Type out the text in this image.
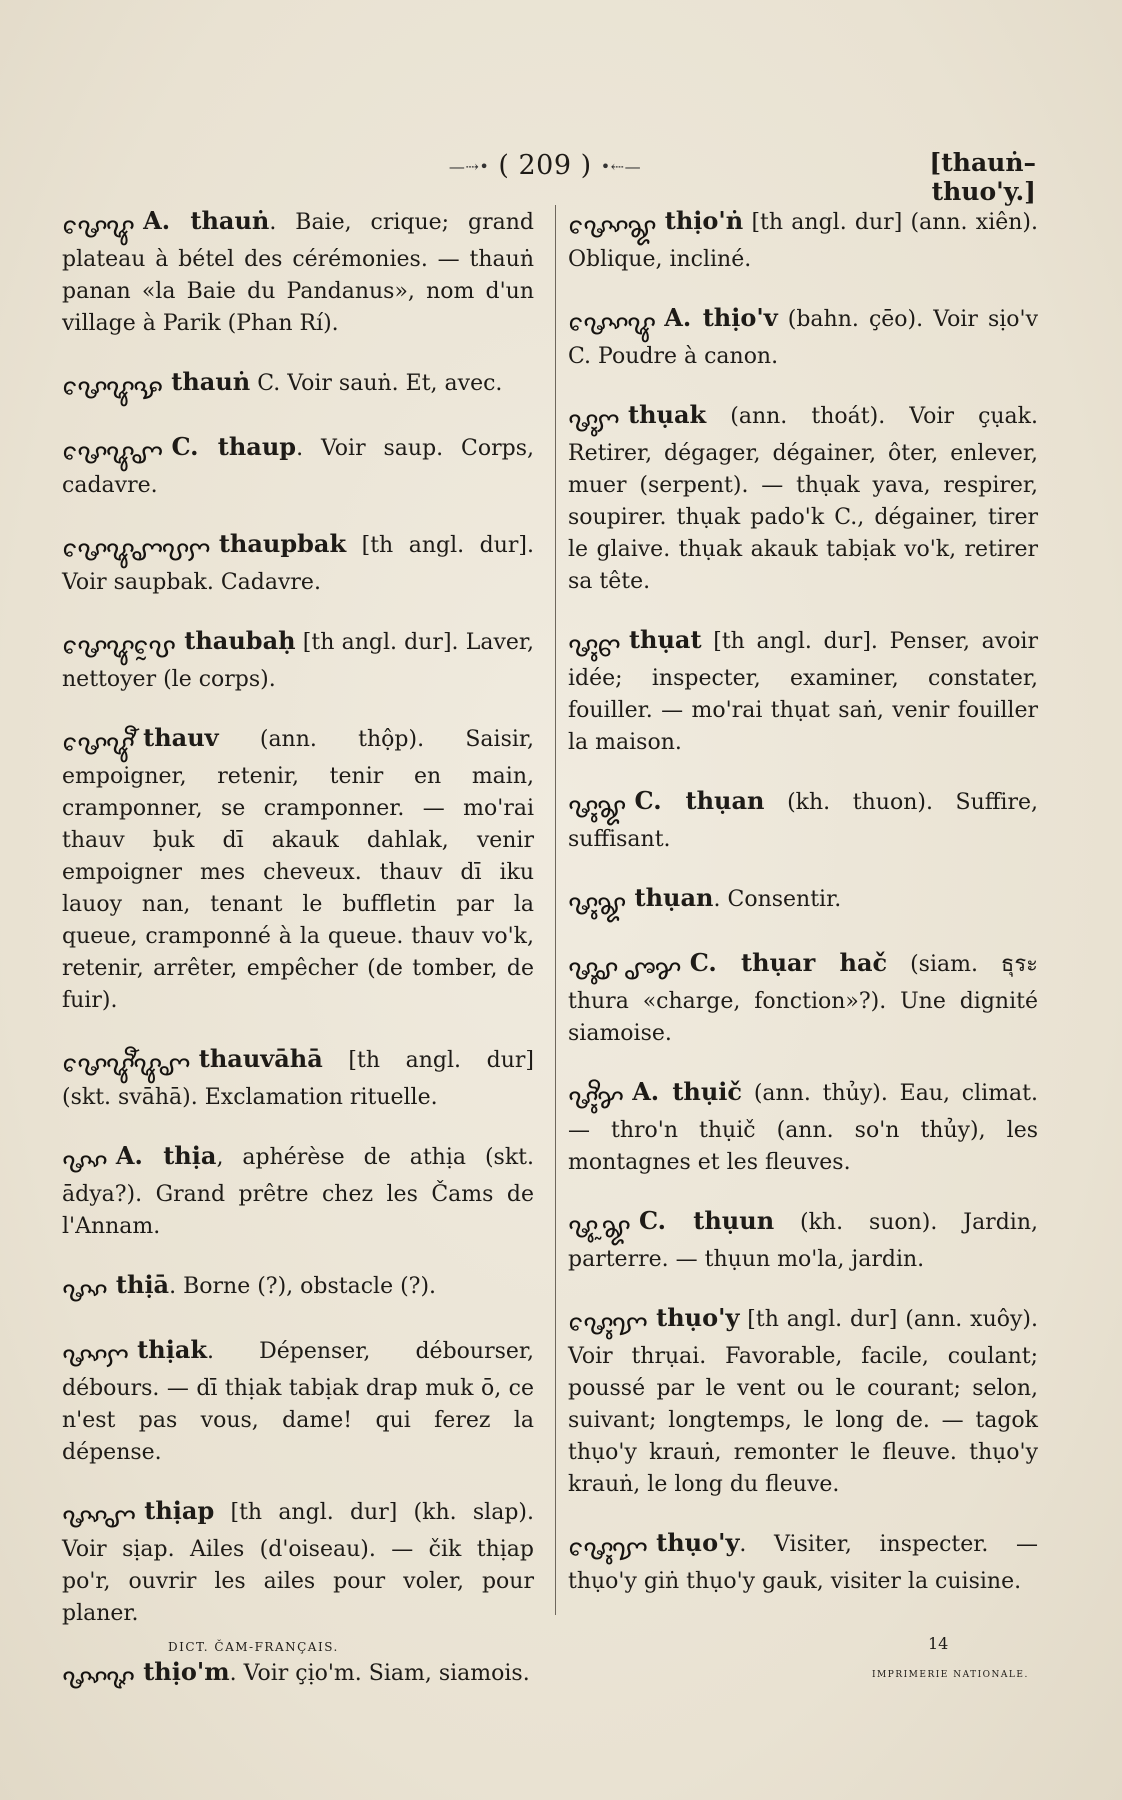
—⇢• ( 209 ) •⇠—	[thauṅ–thuo'y.]

ꨔꨯꨥ A. thauṅ. Baie, crique; grand plateau à bétel des cérémonies. — thauṅ panan «la Baie du Pandanus», nom d'un village à Parik (Phan Rí).

ꨔꨯꨥꨊ thauṅ C. Voir sauṅ. Et, avec.

ꨔꨯꨥꨚ C. thaup. Voir saup. Corps, cadavre.

ꨔꨯꨥꨚꨝꨆ thaupbak [th angl. dur]. Voir saupbak. Cadavre.

ꨔꨯꨥꨝꨰ thaubaḥ [th angl. dur]. Laver, nettoyer (le corps).

ꨔꨯꨥꨬ thauv (ann. thộp). Saisir, empoigner, retenir, tenir en main, cramponner, se cramponner. — mo'rai thauv ḅuk dī akauk dahlak, venir empoigner mes cheveux. thauv dī iku lauoy nan, tenant le buffletin par la queue, cramponné à la queue. thauv vo'k, retenir, arrêter, empêcher (de tomber, de fuir).

ꨔꨯꨥꨬꨥꨚ thauvāhā [th angl. dur] (skt. svāhā). Exclamation rituelle.

ꨔꨳ A. thịa, aphérèse de athịa (skt. ādya?). Grand prêtre chez les Čams de l'Annam.

ꨔꨳ thịā. Borne (?), obstacle (?).

ꨔꨳꨆ thịak. Dépenser, débourser, débours. — dī thịak tabịak drap muk ō, ce n'est pas vous, dame! qui ferez la dépense.

ꨔꨳꨚ thịap [th angl. dur] (kh. slap). Voir sịap. Ailes (d'oiseau). — čik thịap po'r, ouvrir les ailes pour voler, pour planer.

ꨔꨳꨟ thịo'm. Voir çịo'm. Siam, siamois.

ꨔꨳꨯꨘ thịo'ṅ [th angl. dur] (ann. xiên). Oblique, incliné.

ꨔꨳꨯꨥ A. thịo'v (bahn. çēo). Voir sịo'v C. Poudre à canon.

ꨔꨶꨆ thụak (ann. thoát). Voir çụak. Retirer, dégager, dégainer, ôter, enlever, muer (serpent). — thụak yava, respirer, soupirer. thụak pado'k C., dégainer, tirer le glaive. thụak akauk tabịak vo'k, retirer sa tête.

ꨔꨶꨓ thụat [th angl. dur]. Penser, avoir idée; inspecter, examiner, constater, fouiller. — mo'rai thụat saṅ, venir fouiller la maison.

ꨔꨶꨘ C. thụan (kh. thuon). Suffire, suffisant.

ꨔꨶꨘ thụan. Consentir.

ꨔꨶꨣ ꨨꨌ C. thụar hač (siam. ธุระ thura «charge, fonction»?). Une dignité siamoise.

ꨔꨶꨪꨌ A. thụič (ann. thủy). Eau, climat. — thro'n thụič (ann. so'n thủy), les montagnes et les fleuves.

ꨔꨶꨭꨘ C. thụun (kh. suon). Jardin, parterre. — thụun mo'la, jardin.

ꨔꨶꨯꨢ thụo'y [th angl. dur] (ann. xuôy). Voir thrụai. Favorable, facile, coulant; poussé par le vent ou le courant; selon, suivant; longtemps, le long de. — tagok thụo'y krauṅ, remonter le fleuve. thụo'y krauṅ, le long du fleuve.

ꨔꨶꨯꨢ thụo'y. Visiter, inspecter. — thụo'y giṅ thụo'y gauk, visiter la cuisine.

DICT. ČAM-FRANÇAIS.	14
IMPRIMERIE NATIONALE.
